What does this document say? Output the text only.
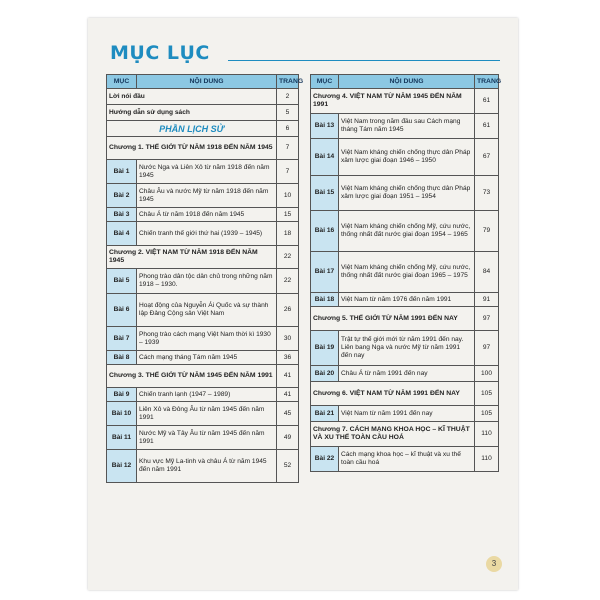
MỤC LỤC
MỤC	NỘI DUNG	TRANG
Lời nói đầu		2
Hướng dẫn sử dụng sách		5
PHẦN LỊCH SỬ		6
Chương 1. THẾ GIỚI TỪ NĂM 1918 ĐẾN NĂM 1945		7
Bài 1	Nước Nga và Liên Xô từ năm 1918 đến năm 1945	7
Bài 2	Châu Âu và nước Mỹ từ năm 1918 đến năm 1945	10
Bài 3	Châu Á từ năm 1918 đến năm 1945	15
Bài 4	Chiến tranh thế giới thứ hai (1939 – 1945)	18
Chương 2. VIỆT NAM TỪ NĂM 1918 ĐẾN NĂM 1945		22
Bài 5	Phong trào dân tộc dân chủ trong những năm 1918 – 1930.	22
Bài 6	Hoạt động của Nguyễn Ái Quốc và sự thành lập Đảng Cộng sản Việt Nam	26
Bài 7	Phong trào cách mạng Việt Nam thời kì 1930 – 1939	30
Bài 8	Cách mạng tháng Tám năm 1945	36
Chương 3. THẾ GIỚI TỪ NĂM 1945 ĐẾN NĂM 1991		41
Bài 9	Chiến tranh lạnh (1947 – 1989)	41
Bài 10	Liên Xô và Đông Âu từ năm 1945 đến năm 1991	45
Bài 11	Nước Mỹ và Tây Âu từ năm 1945 đến năm 1991	49
Bài 12	Khu vực Mỹ La-tinh và châu Á từ năm 1945 đến năm 1991	52
MỤC	NỘI DUNG	TRANG
Chương 4. VIỆT NAM TỪ NĂM 1945 ĐẾN NĂM 1991		61
Bài 13	Việt Nam trong năm đầu sau Cách mạng tháng Tám năm 1945	61
Bài 14	Việt Nam kháng chiến chống thực dân Pháp xâm lược giai đoạn 1946 – 1950	67
Bài 15	Việt Nam kháng chiến chống thực dân Pháp xâm lược giai đoạn 1951 – 1954	73
Bài 16	Việt Nam kháng chiến chống Mỹ, cứu nước, thống nhất đất nước giai đoạn 1954 – 1965	79
Bài 17	Việt Nam kháng chiến chống Mỹ, cứu nước, thống nhất đất nước giai đoạn 1965 – 1975	84
Bài 18	Việt Nam từ năm 1976 đến năm 1991	91
Chương 5. THẾ GIỚI TỪ NĂM 1991 ĐẾN NAY		97
Bài 19	Trật tự thế giới mới từ năm 1991 đến nay. Liên bang Nga và nước Mỹ từ năm 1991 đến nay	97
Bài 20	Châu Á từ năm 1991 đến nay	100
Chương 6. VIỆT NAM TỪ NĂM 1991 ĐẾN NAY		105
Bài 21	Việt Nam từ năm 1991 đến nay	105
Chương 7. CÁCH MẠNG KHOA HỌC – KĨ THUẬT VÀ XU THẾ TOÀN CẦU HOÁ		110
Bài 22	Cách mạng khoa học – kĩ thuật và xu thế toàn cầu hoá	110
3
